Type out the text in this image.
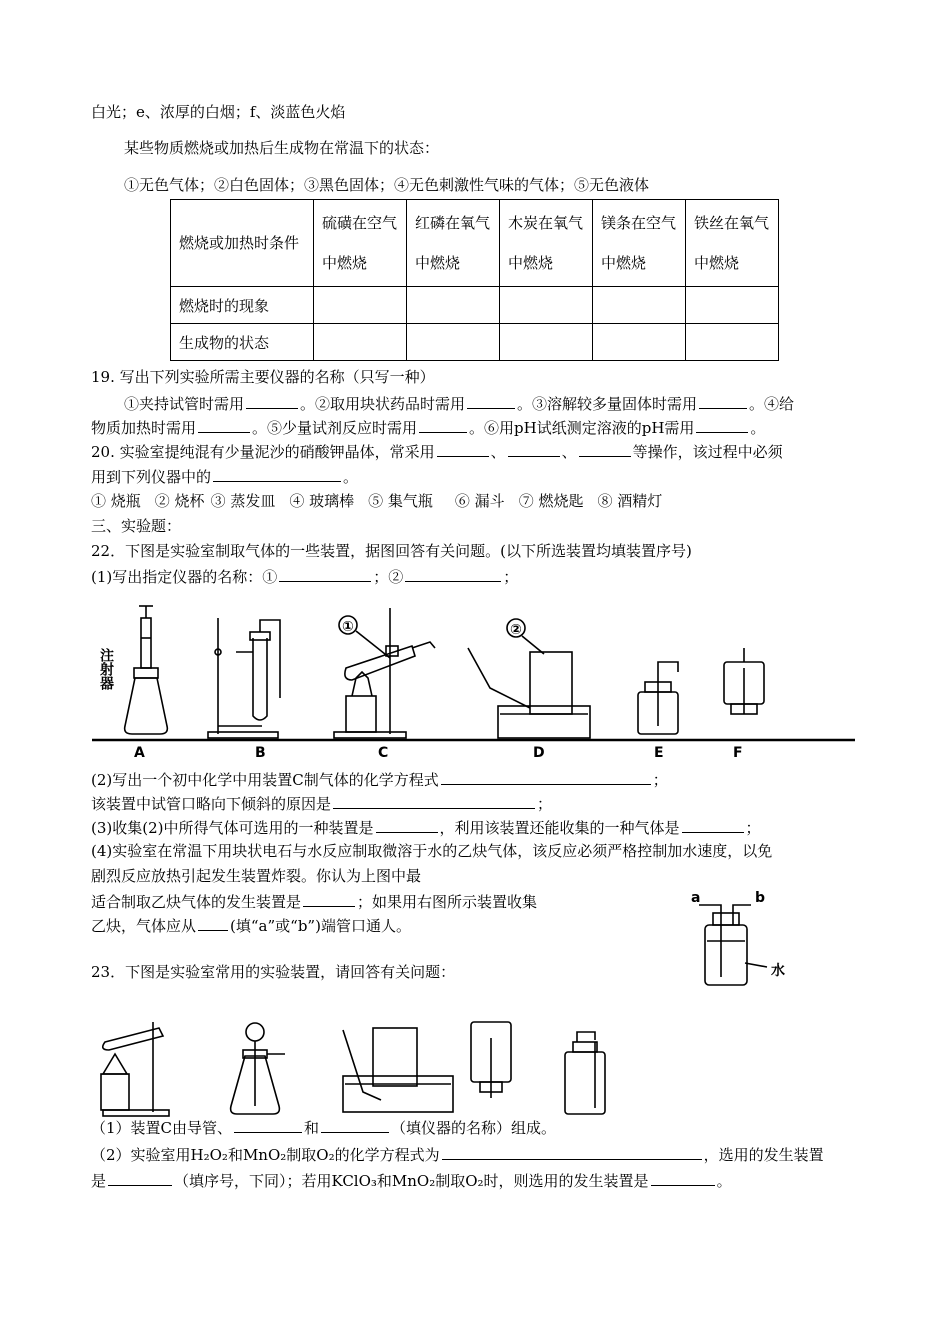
白光；e、浓厚的白烟；f、淡蓝色火焰
某些物质燃烧或加热后生成物在常温下的状态：
①无色气体；②白色固体；③黑色固体；④无色刺激性气味的气体；⑤无色液体
燃烧或加热时条件	硫磺在空气中燃烧	红磷在氧气中燃烧	木炭在氧气中燃烧	镁条在空气中燃烧	铁丝在氧气中燃烧
燃烧时的现象					
生成物的状态					
19. 写出下列实验所需主要仪器的名称（只写一种）
①夹持试管时需用	。②取用块状药品时需用	。③溶解较多量固体时需用	。④给
物质加热时需用	。⑤少量试剂反应时需用	。⑥用pH试纸测定溶液的pH需用	。
20. 实验室提纯混有少量泥沙的硝酸钾晶体，常采用	、	、	等操作，该过程中必须
用到下列仪器中的	。
① 烧瓶 ② 烧杯 ③ 蒸发皿 ④ 玻璃棒 ⑤ 集气瓶 ⑥ 漏斗 ⑦ 燃烧匙 ⑧ 酒精灯
三、实验题：
22．下图是实验室制取气体的一些装置，据图回答有关问题。(以下所选装置均填装置序号)
(1)写出指定仪器的名称：①	；②	；
A	B	C	D	E	F
①	②
注射器
(2)写出一个初中化学中用装置C制气体的化学方程式	；
该装置中试管口略向下倾斜的原因是	；
(3)收集(2)中所得气体可选用的一种装置是	，利用该装置还能收集的一种气体是	；
(4)实验室在常温下用块状电石与水反应制取微溶于水的乙炔气体，该反应必须严格控制加水速度，以免
剧烈反应放热引起发生装置炸裂。你认为上图中最
适合制取乙炔气体的发生装置是	；如果用右图所示装置收集
乙炔，气体应从 (填“a”或“b”)端管口通人。
a	b
水
23．下图是实验室常用的实验装置，请回答有关问题：
（1）装置C由导管、	和	（填仪器的名称）组成。
（2）实验室用H₂O₂和MnO₂制取O₂的化学方程式为	，选用的发生装置
是	（填序号，下同）；若用KClO₃和MnO₂制取O₂时，则选用的发生装置是	。
